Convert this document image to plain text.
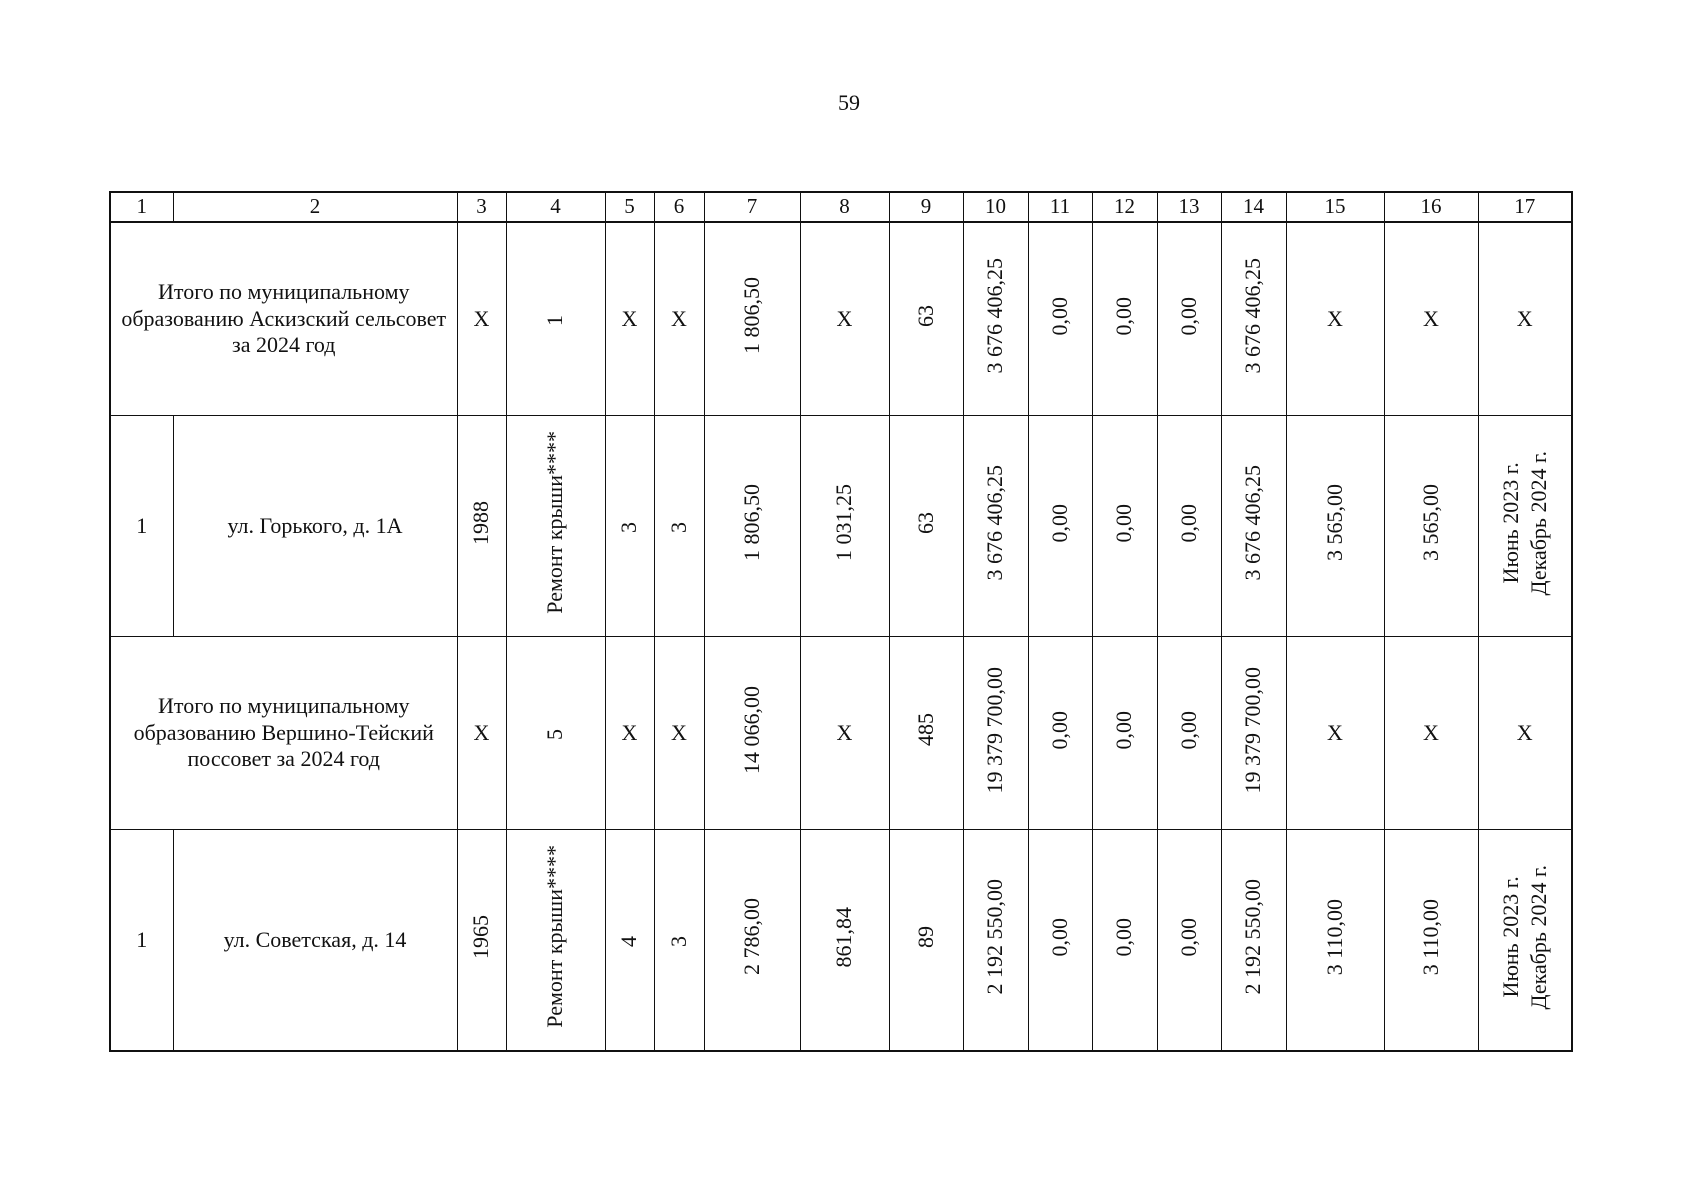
59
1	2	3	4	5	6	7	8	9	10	11	12	13	14	15	16	17
Итого по муниципальному образованию Аскизский сельсовет за 2024 год		Х	1	Х	Х	1 806,50	Х	63	3 676 406,25	0,00	0,00	0,00	3 676 406,25	Х	Х	Х
1	ул. Горького, д. 1А	1988	Ремонт крыши****	3	3	1 806,50	1 031,25	63	3 676 406,25	0,00	0,00	0,00	3 676 406,25	3 565,00	3 565,00	Июнь 2023 г. Декабрь 2024 г.
Итого по муниципальному образованию Вершино-Тейский поссовет за 2024 год		Х	5	Х	Х	14 066,00	Х	485	19 379 700,00	0,00	0,00	0,00	19 379 700,00	Х	Х	Х
1	ул. Советская, д. 14	1965	Ремонт крыши****	4	3	2 786,00	861,84	89	2 192 550,00	0,00	0,00	0,00	2 192 550,00	3 110,00	3 110,00	Июнь 2023 г. Декабрь 2024 г.
